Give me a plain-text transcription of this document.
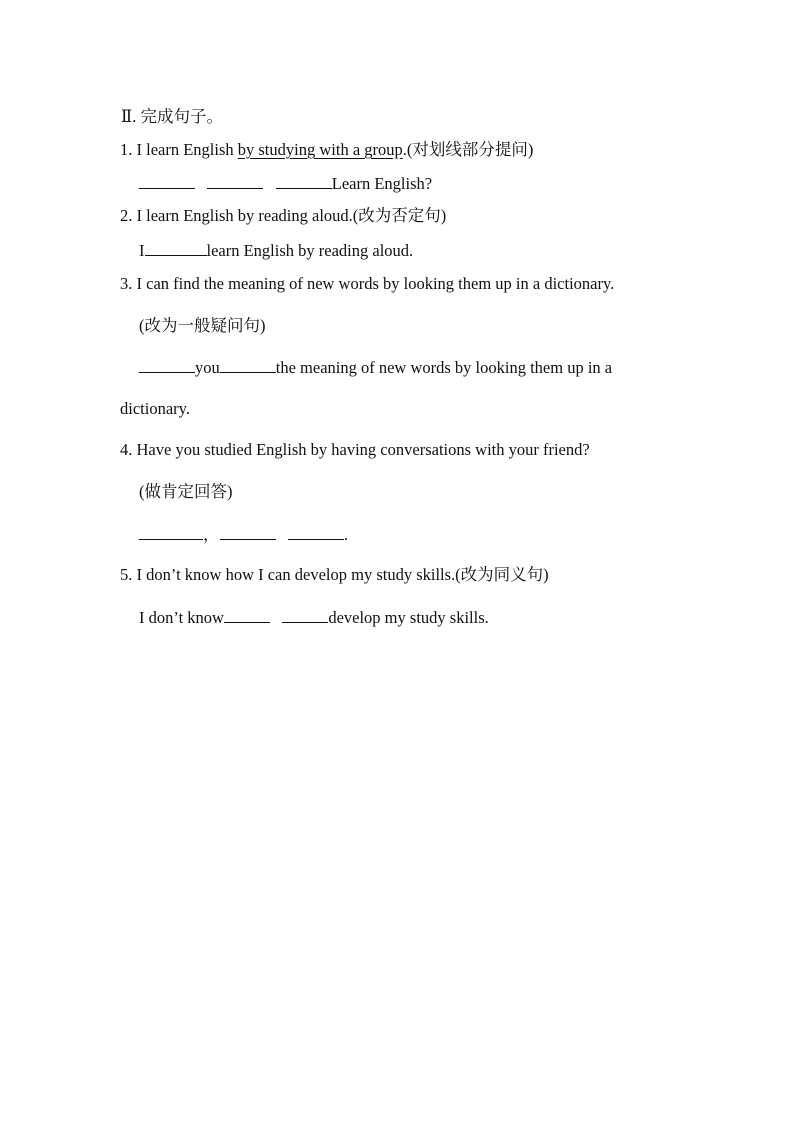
Ⅱ. 完成句子。
1. I learn English by studying with a group.(对划线部分提问)
Learn English?
2. I learn English by reading aloud.(改为否定句)
I	learn English by reading aloud.
3. I can find the meaning of new words by looking them up in a dictionary.
(改为一般疑问句)
you	the meaning of new words by looking them up in a
dictionary.
4. Have you studied English by having conversations with your friend?
(做肯定回答)
，	.
5. I don’t know how I can develop my study skills.(改为同义句)
I don’t know	develop my study skills.
